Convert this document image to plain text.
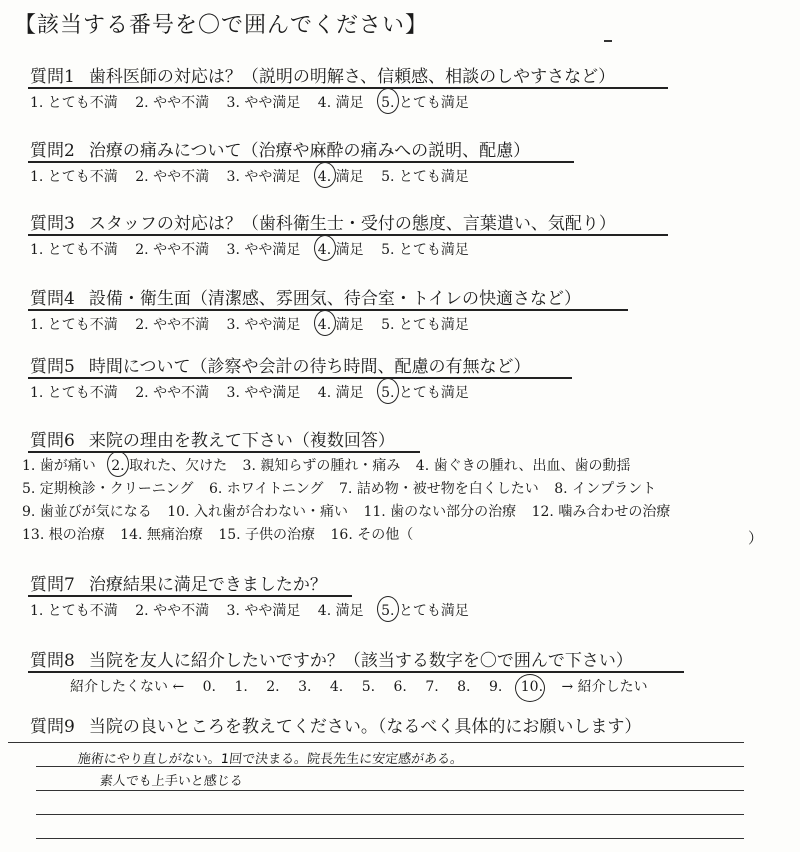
【該当する番号を〇で囲んでください】
質問1 歯科医師の対応は？（説明の明解さ、信頼感、相談のしやすさなど）
1. とても不満 2. やや不満 3. やや満足 4. 満足 5. とても満足
質問2 治療の痛みについて（治療や麻酔の痛みへの説明、配慮）
1. とても不満 2. やや不満 3. やや満足 4. 満足 5. とても満足
質問3 スタッフの対応は？（歯科衛生士・受付の態度、言葉遣い、気配り）
1. とても不満 2. やや不満 3. やや満足 4. 満足 5. とても満足
質問4 設備・衛生面（清潔感、雰囲気、待合室・トイレの快適さなど）
1. とても不満 2. やや不満 3. やや満足 4. 満足 5. とても満足
質問5 時間について（診察や会計の待ち時間、配慮の有無など）
1. とても不満 2. やや不満 3. やや満足 4. 満足 5. とても満足
質問6 来院の理由を教えて下さい（複数回答）
1. 歯が痛い 2. 取れた、欠けた 3. 親知らずの腫れ・痛み 4. 歯ぐきの腫れ、出血、歯の動揺
5. 定期検診・クリーニング 6. ホワイトニング 7. 詰め物・被せ物を白くしたい 8. インプラント
9. 歯並びが気になる 10. 入れ歯が合わない・痛い 11. 歯のない部分の治療 12. 噛み合わせの治療
13. 根の治療 14. 無痛治療 15. 子供の治療 16. その他（	）
質問7 治療結果に満足できましたか？
1. とても不満 2. やや不満 3. やや満足 4. 満足 5. とても満足
質問8 当院を友人に紹介したいですか？（該当する数字を〇で囲んで下さい）
紹介したくない ← 0. 1. 2. 3. 4. 5. 6. 7. 8. 9. 10. → 紹介したい
質問9 当院の良いところを教えてください。（なるべく具体的にお願いします）
施術にやり直しがない。1回で決まる。院長先生に安定感がある。
素人でも上手いと感じる
